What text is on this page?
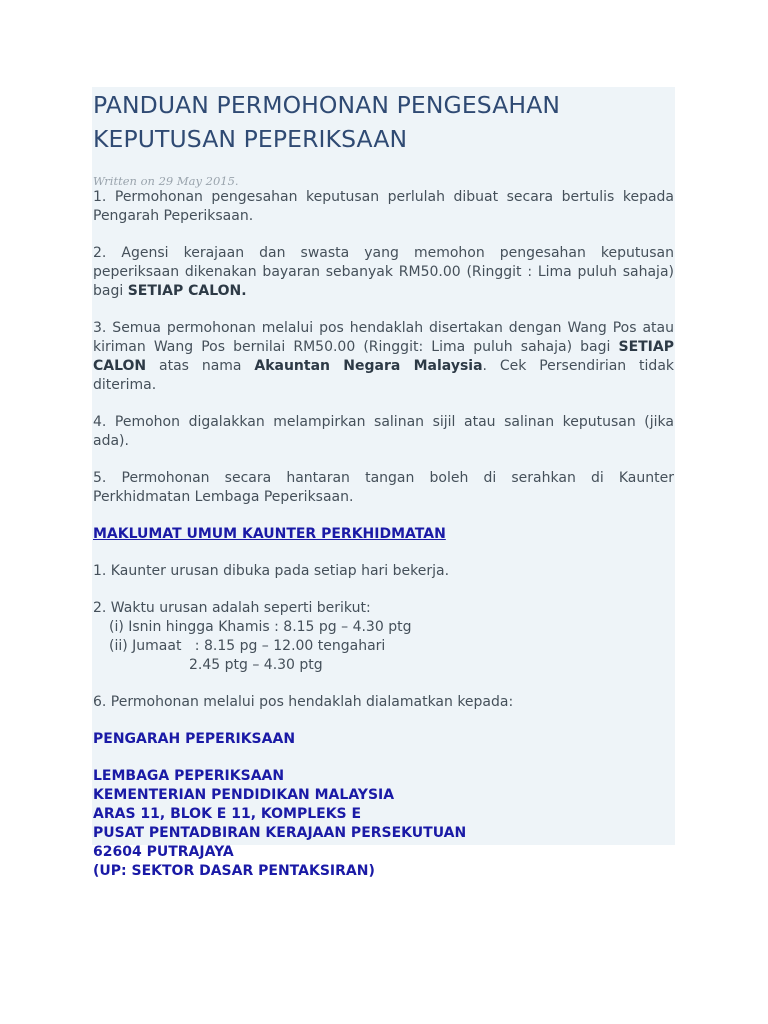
PANDUAN PERMOHONAN PENGESAHAN
KEPUTUSAN PEPERIKSAAN
Written on 29 May 2015.

1. Permohonan pengesahan keputusan perlulah dibuat secara bertulis kepada Pengarah Peperiksaan.

2. Agensi kerajaan dan swasta yang memohon pengesahan keputusan peperiksaan dikenakan bayaran sebanyak RM50.00 (Ringgit : Lima puluh sahaja) bagi SETIAP CALON.

3. Semua permohonan melalui pos hendaklah disertakan dengan Wang Pos atau kiriman Wang Pos bernilai RM50.00 (Ringgit: Lima puluh sahaja) bagi SETIAP CALON atas nama Akauntan Negara Malaysia. Cek Persendirian tidak diterima.

4. Pemohon digalakkan melampirkan salinan sijil atau salinan keputusan (jika ada).

5. Permohonan secara hantaran tangan boleh di serahkan di Kaunter Perkhidmatan Lembaga Peperiksaan.

MAKLUMAT UMUM KAUNTER PERKHIDMATAN

1. Kaunter urusan dibuka pada setiap hari bekerja.

2. Waktu urusan adalah seperti berikut:

(i) Isnin hingga Khamis : 8.15 pg – 4.30 ptg

(ii) Jumaat   : 8.15 pg – 12.00 tengahari

2.45 ptg – 4.30 ptg

6. Permohonan melalui pos hendaklah dialamatkan kepada:

PENGARAH PEPERIKSAAN

LEMBAGA PEPERIKSAAN

KEMENTERIAN PENDIDIKAN MALAYSIA

ARAS 11, BLOK E 11, KOMPLEKS E

PUSAT PENTADBIRAN KERAJAAN PERSEKUTUAN

62604 PUTRAJAYA

(UP: SEKTOR DASAR PENTAKSIRAN)
